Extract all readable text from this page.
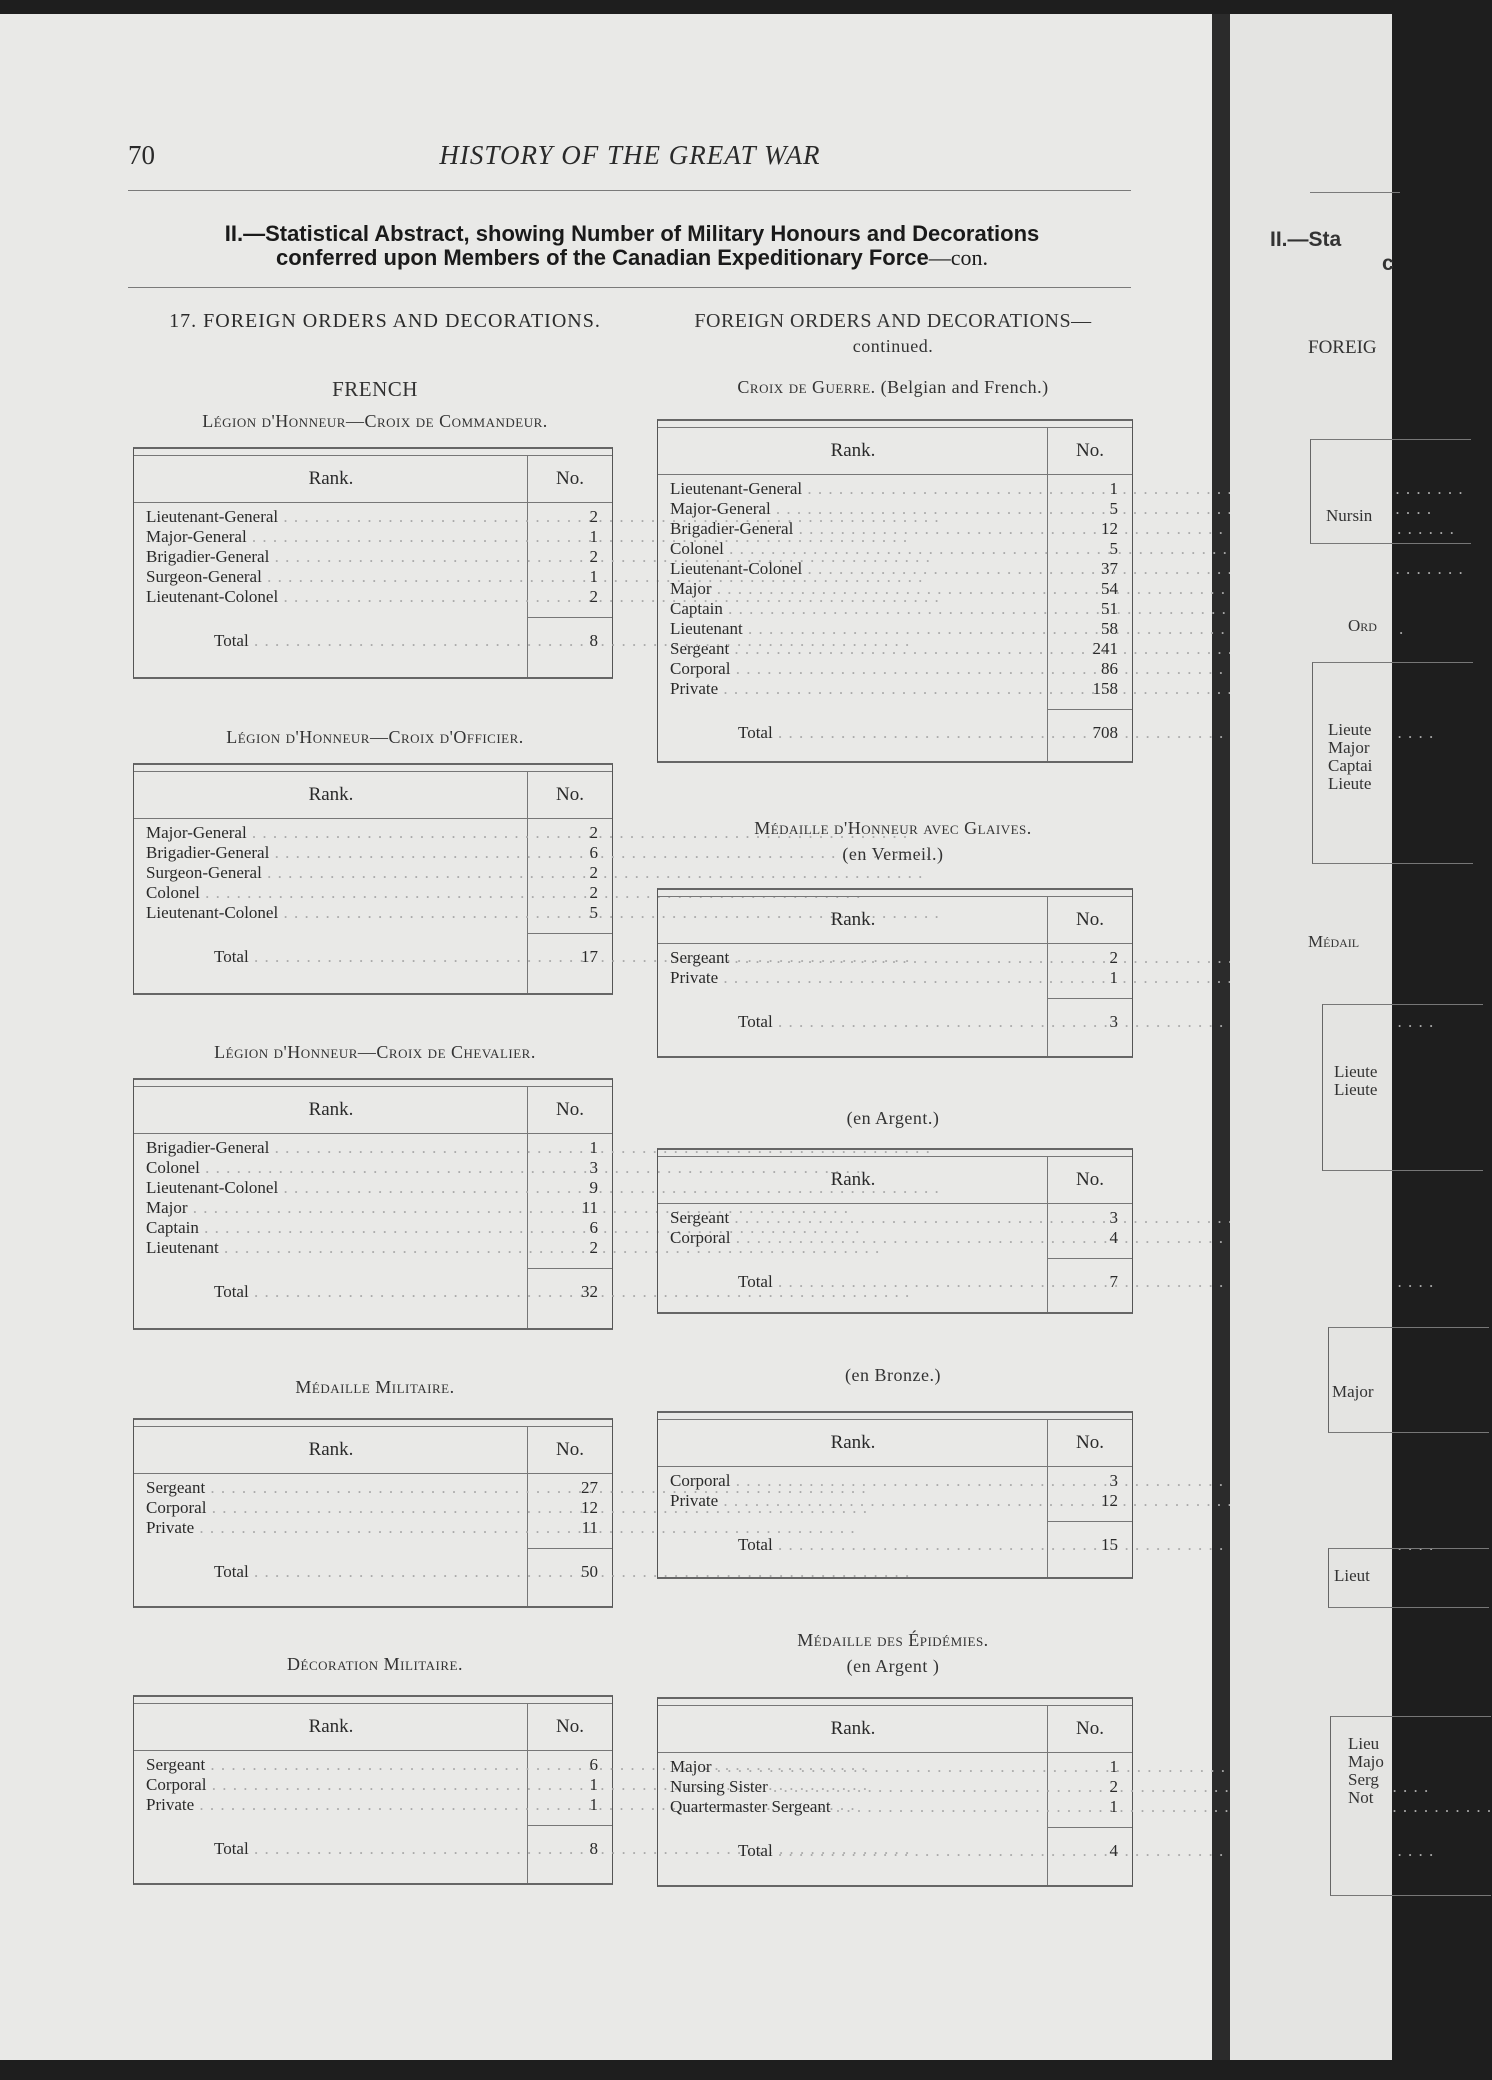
70	HISTORY OF THE GREAT WAR
II.—Statistical Abstract, showing Number of Military Honours and Decorations
conferred upon Members of the Canadian Expeditionary Force—con.
17. FOREIGN ORDERS AND DECORATIONS.
FRENCH
Légion d'Honneur—Croix de Commandeur.
Rank.	No.
Lieutenant-General . . .	2
Major-General . . .	1
Brigadier-General . . .	2
Surgeon-General . . .	1
Lieutenant-Colonel . . .	2
Total . . .	8
Légion d'Honneur—Croix d'Officier.
Rank.	No.
Major-General . . .	2
Brigadier-General . . .	6
Surgeon-General . . .	2
Colonel . . .	2
Lieutenant-Colonel . . .	5
Total . . .	17
Légion d'Honneur—Croix de Chevalier.
Rank.	No.
Brigadier-General . . .	1
Colonel . . .	3
Lieutenant-Colonel . . .	9
Major . . .	11
Captain . . .	6
Lieutenant . . .	2
Total . . .	32
Médaille Militaire.
Rank.	No.
Sergeant . . .	27
Corporal . . .	12
Private . . .	11
Total . . .	50
Décoration Militaire.
Rank.	No.
Sergeant . . .	6
Corporal . . .	1
Private . . .	1
Total . . .	8
FOREIGN ORDERS AND DECORATIONS—
continued.
Croix de Guerre. (Belgian and French.)
Rank.	No.
Lieutenant-General . . .	1
Major-General . . .	5
Brigadier-General . . .	12
Colonel . . .	5
Lieutenant-Colonel . . .	37
Major . . .	54
Captain . . .	51
Lieutenant . . .	58
Sergeant . . .	241
Corporal . . .	86
Private . . .	158
Total . . .	708
Médaille d'Honneur avec Glaives.
(en Vermeil.)
Rank.	No.
Sergeant . . .	2
Private . . .	1
Total . . .	3
(en Argent.)
Rank.	No.
Sergeant . . .	3
Corporal . . .	4
Total . . .	7
(en Bronze.)
Rank.	No.
Corporal . . .	3
Private . . .	12
Total . . .	15
Médaille des Épidémies.
(en Argent )
Rank.	No.
Major . . .	1
Nursing Sister . . .	2
Quartermaster Sergeant . . .	1
Total . . .	4
II.—Sta
c
FOREIG
Nursin
Ord
Lieute
Major
Captai
Lieute
Médail
Lieute
Lieute
Major
Lieut
Lieu
Majo
Serg
Not
